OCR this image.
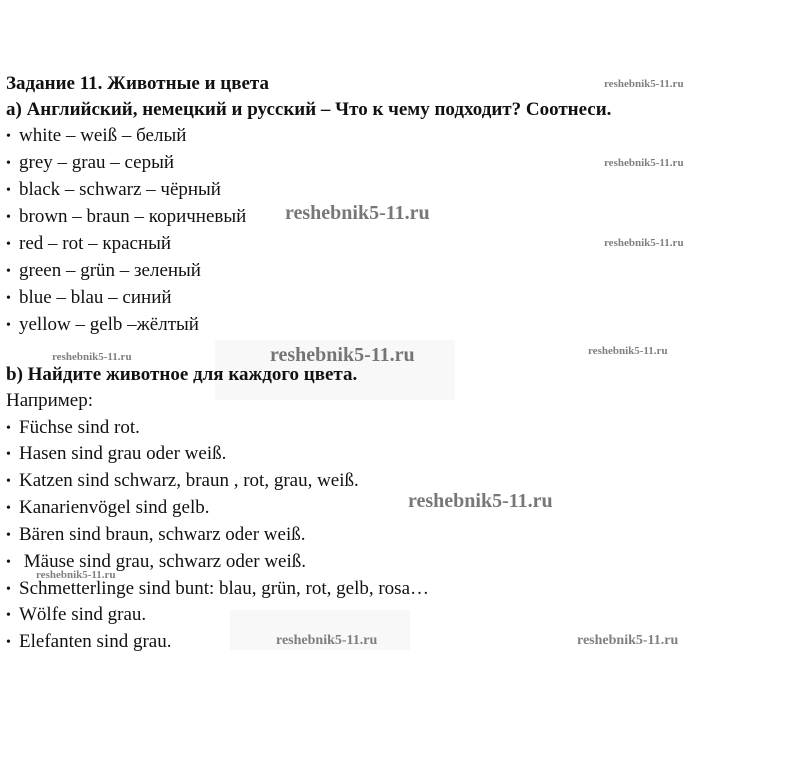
Задание 11. Животные и цвета
а) Английский, немецкий и русский – Что к чему подходит? Соотнеси.
• white – weiß – белый
• grey – grau – серый
• black – schwarz – чёрный
• brown – braun – коричневый
• red – rot – красный
• green – grün – зеленый
• blue – blau – синий
• yellow – gelb –жёлтый
b) Найдите животное для каждого цвета.
Например:
• Füchse sind rot.
• Hasen sind grau oder weiß.
• Katzen sind schwarz, braun , rot, grau, weiß.
• Kanarienvögel sind gelb.
• Bären sind braun, schwarz oder weiß.
• Mäuse sind grau, schwarz oder weiß.
• Schmetterlinge sind bunt: blau, grün, rot, gelb, rosa…
• Wölfe sind grau.
• Elefanten sind grau.
reshebnik5-11.ru
reshebnik5-11.ru
reshebnik5-11.ru
reshebnik5-11.ru
reshebnik5-11.ru	reshebnik5-11.ru	reshebnik5-11.ru
reshebnik5-11.ru
reshebnik5-11.ru
reshebnik5-11.ru	reshebnik5-11.ru
